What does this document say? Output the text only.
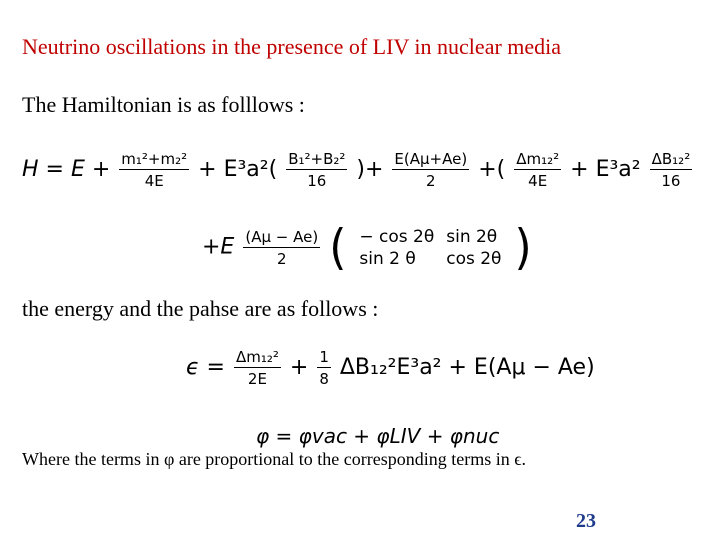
Neutrino oscillations in the presence of LIV in nuclear media
The Hamiltonian is as folllows :
$H = E + \frac{\text{m₁²+m₂²}}{4E} + E^3a^2( \frac{\text{B₁²+B₂²}}{16}$ )+ $\frac{E(A\mu+Ae)}{2}$ +( $\frac{\text{Δm₁₂²}}{4E} + E^3a^2 \frac{\text{ΔB₁₂²}}{16}$
$+E \frac{(A\mu - Ae)}{2}$ ( − cos 2θ	sin 2θ
sin 2 θ	cos 2θ )
the energy and the pahse are as follows :
$\epsilon = \frac{\text{Δm₁₂²}}{2E} + \frac{1}{8} \Delta B_{12}^2E^3a^2 + E(A\mu - Ae)$
φ = φvac + φLIV + φnuc
Where the terms in φ are proportional to the corresponding terms in ϵ.
23
